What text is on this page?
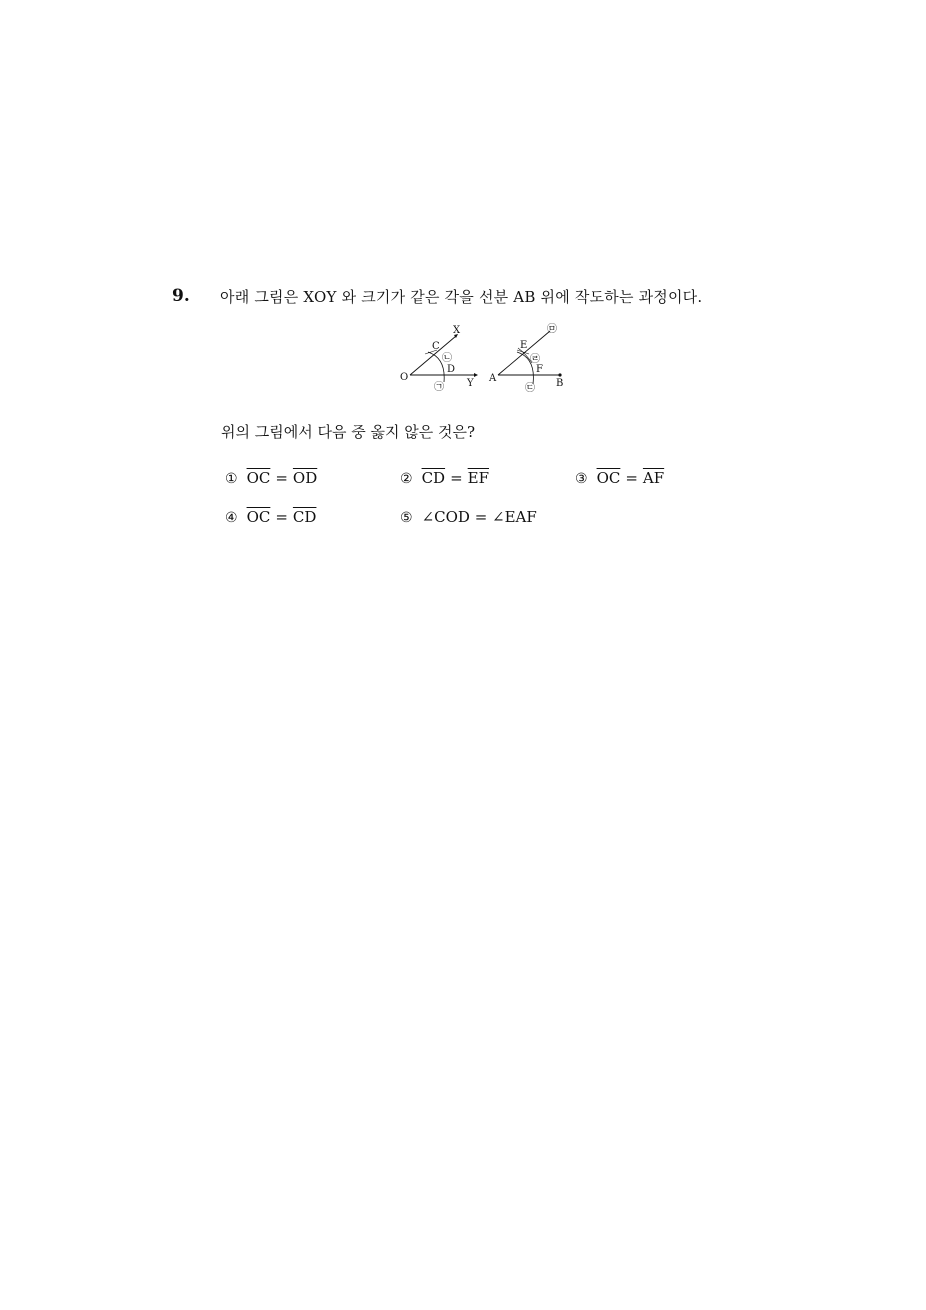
9. 아래 그림은 XOY 와 크기가 같은 각을 선분 AB 위에 작도하는 과정이다.
O
X
Y
C
D
㉠
㉡
A	B
E
F
㉢
㉣
㉤
위의 그림에서 다음 중 옳지 않은 것은?
① $\overline{OC} = \overline{OD}$	② $\overline{CD} = \overline{EF}$	③ $\overline{OC} = \overline{AF}$
④ $\overline{OC} = \overline{CD}$	⑤ ∠COD = ∠EAF
